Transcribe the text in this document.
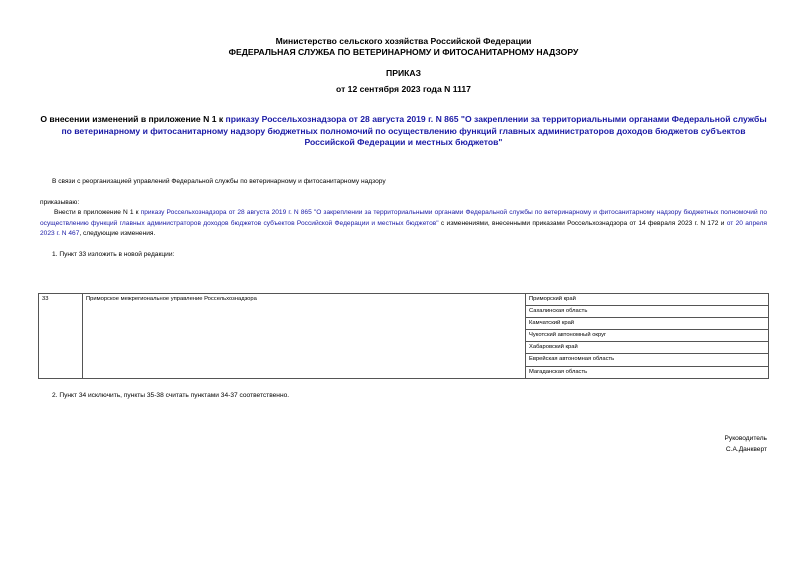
Министерство сельского хозяйства Российской Федерации
ФЕДЕРАЛЬНАЯ СЛУЖБА ПО ВЕТЕРИНАРНОМУ И ФИТОСАНИТАРНОМУ НАДЗОРУ
ПРИКАЗ
от 12 сентября 2023 года N 1117
О внесении изменений в приложение N 1 к приказу Россельхознадзора от 28 августа 2019 г. N 865 "О закреплении за территориальными органами Федеральной службы по ветеринарному и фитосанитарному надзору бюджетных полномочий по осуществлению функций главных администраторов доходов бюджетов субъектов Российской Федерации и местных бюджетов"
В связи с реорганизацией управлений Федеральной службы по ветеринарному и фитосанитарному надзору
приказываю:
Внести в приложение N 1 к приказу Россельхознадзора от 28 августа 2019 г. N 865 "О закреплении за территориальными органами Федеральной службы по ветеринарному и фитосанитарному надзору бюджетных полномочий по осуществлению функций главных администраторов доходов бюджетов субъектов Российской Федерации и местных бюджетов" с изменениями, внесенными приказами Россельхознадзора от 14 февраля 2023 г. N 172 и от 20 апреля 2023 г. N 467, следующие изменения.
1. Пункт 33 изложить в новой редакции:
33	Приморское межрегиональное управление Россельхознадзора	Приморский край
Сахалинская область
Камчатский край
Чукотский автономный округ
Хабаровский край
Еврейская автономная область
Магаданская область
2. Пункт 34 исключить, пункты 35-38 считать пунктами 34-37 соответственно.
Руководитель
С.А.Данкверт
